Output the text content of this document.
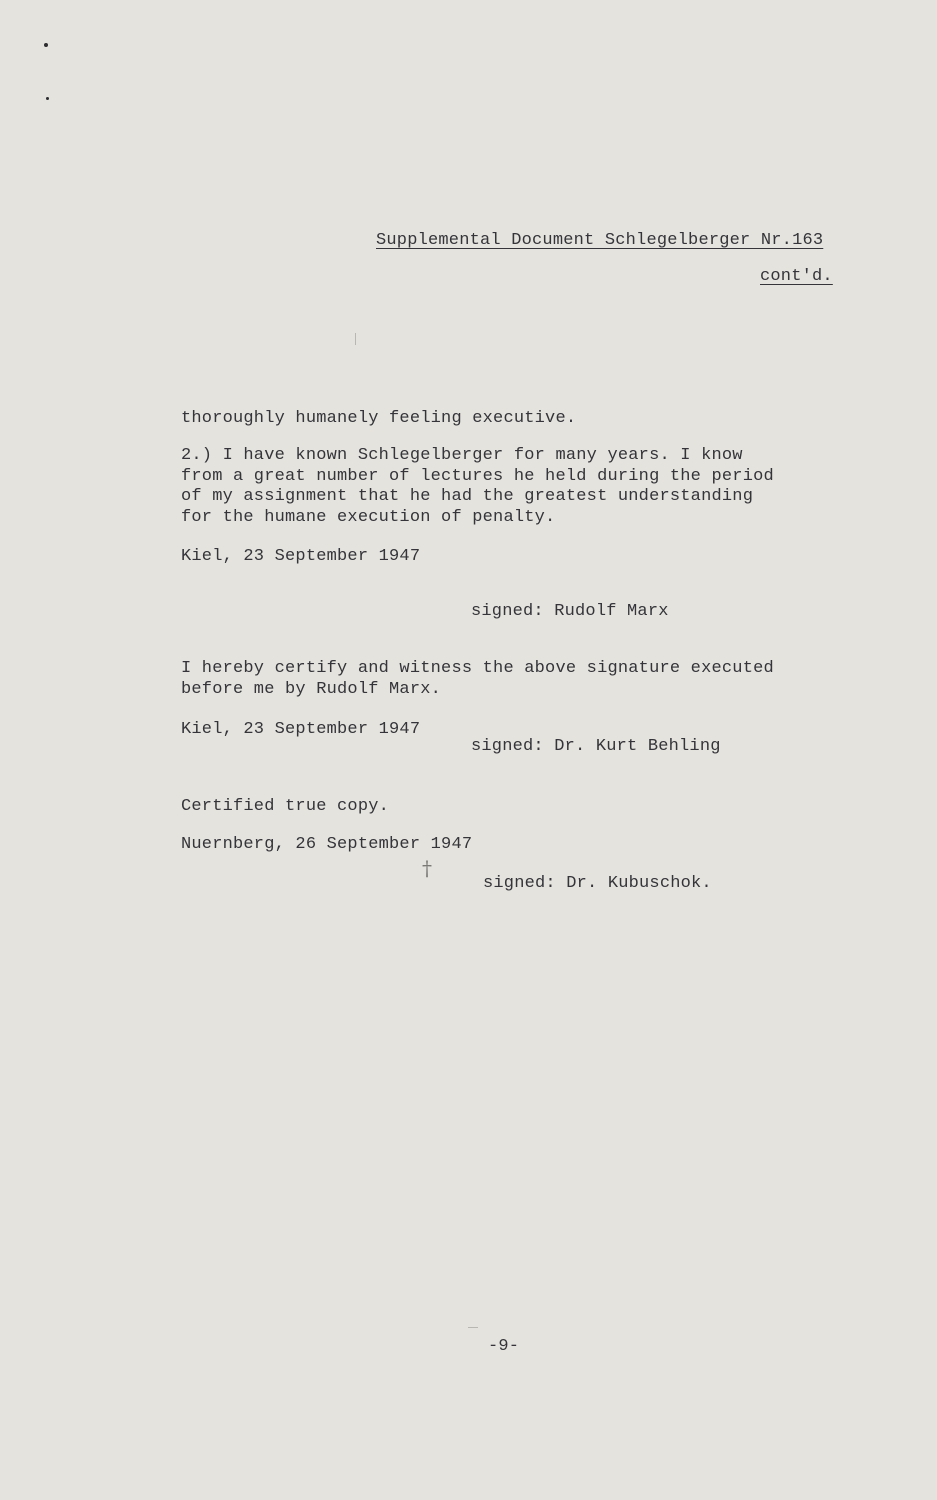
Supplemental Document Schlegelberger Nr.163
cont'd.
thoroughly humanely feeling executive.
2.) I have known Schlegelberger for many years. I know
from a great number of lectures he held during the period
of my assignment that he had the greatest understanding
for the humane execution of penalty.
Kiel, 23 September 1947
signed: Rudolf Marx
I hereby certify and witness the above signature executed
before me by Rudolf Marx.
Kiel, 23 September 1947
signed: Dr. Kurt Behling
Certified true copy.
Nuernberg, 26 September 1947
†
signed: Dr. Kubuschok.
-9-
